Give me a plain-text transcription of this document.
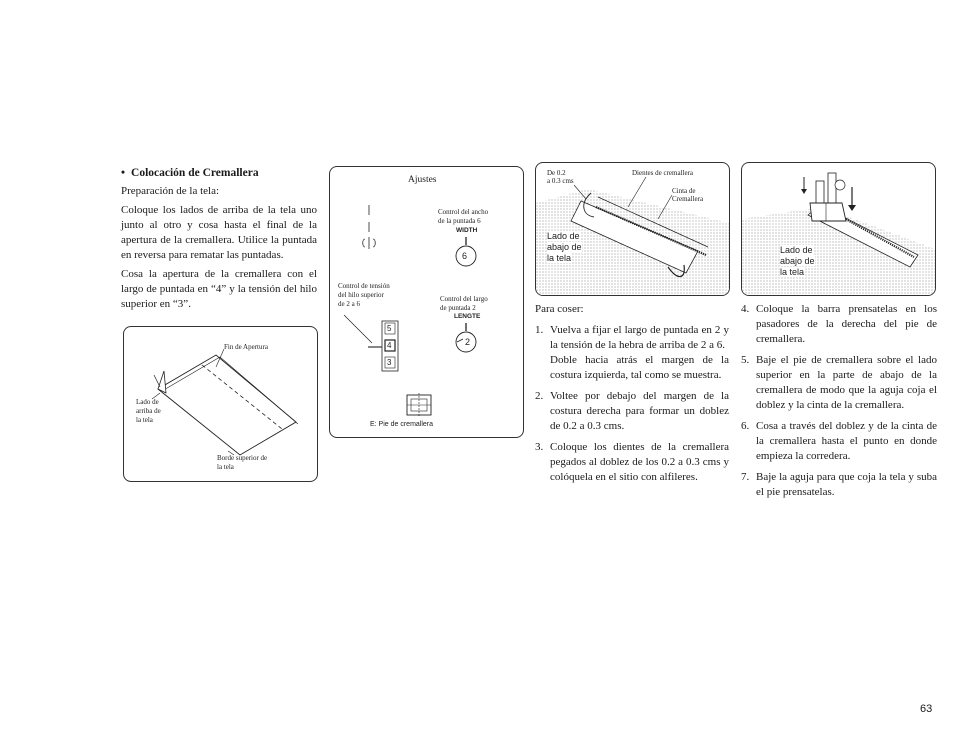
• Colocación de Cremallera

Preparación de la tela:

Coloque los lados de arriba de la tela uno junto al otro y cosa hasta el final de la apertura de la cremallera. Utilice la puntada en reversa para rematar las puntadas.

Cosa la apertura de la cremallera con el largo de puntada en “4” y la tensión del hilo superior en “3”.

Fin de Apertura
Lado de
arriba de
la tela
Borde superior de
la tela
Ajustes
Control del ancho
de la puntada 6
WIDTH
6
Control del largo
de puntada 2
LENGTE
2
Control de tensión
del hilo superior
de 2 a 6
5
4
3
E: Pie de cremallera
De 0.2
a 0.3 cms
Dientes de cremallera
Cinta de
Cremallera
Lado de
abajo de
la tela
Lado de
abajo de
la tela

Para coser:

1. Vuelva a fijar el largo de puntada en 2 y la tensión de la hebra de arriba de 2 a 6.

Doble hacia atrás el margen de la costura izquierda, tal como se muestra.

2. Voltee por debajo del margen de la costura derecha para formar un doblez de 0.2 a 0.3 cms.

3. Coloque los dientes de la cremallera pegados al doblez de los 0.2 a 0.3 cms y colóquela en el sitio con alfileres.

4. Coloque la barra prensatelas en los pasadores de la derecha del pie de cremallera.

5. Baje el pie de cremallera sobre el lado superior en la parte de abajo de la cremallera de modo que la aguja coja el doblez y la cinta de la cremallera.

6. Cosa a través del doblez y de la cinta de la cremallera hasta el punto en donde empieza la corredera.

7. Baje la aguja para que coja la tela y suba el pie prensatelas.

63
